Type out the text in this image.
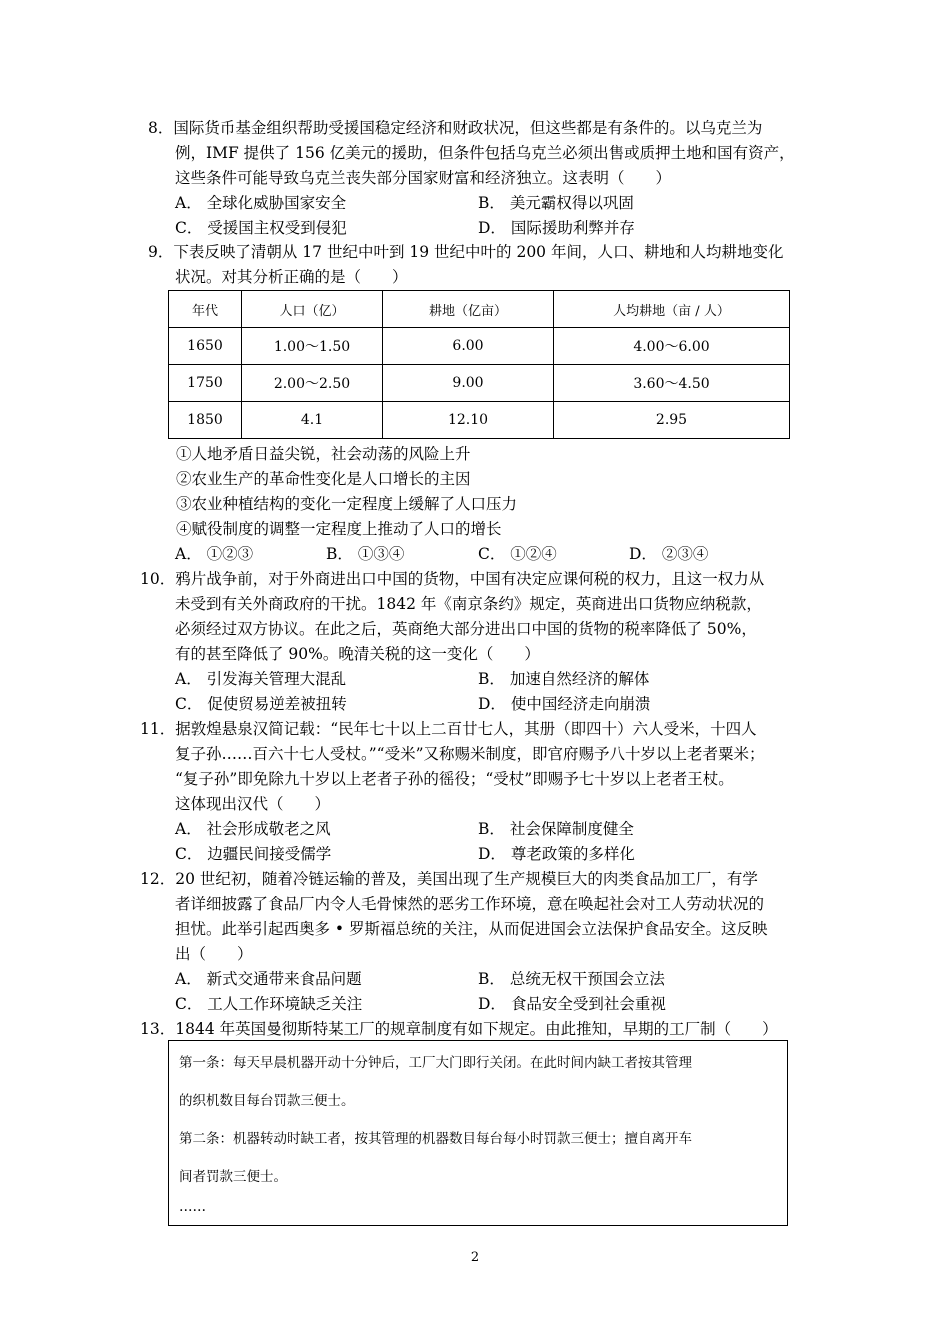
8．国际货币基金组织帮助受援国稳定经济和财政状况，但这些都是有条件的。以乌克兰为
例，IMF 提供了 156 亿美元的援助，但条件包括乌克兰必须出售或质押土地和国有资产，
这些条件可能导致乌克兰丧失部分国家财富和经济独立。这表明（　　）
A． 全球化威胁国家安全	B． 美元霸权得以巩固
C． 受援国主权受到侵犯	D． 国际援助利弊并存
9．下表反映了清朝从 17 世纪中叶到 19 世纪中叶的 200 年间，人口、耕地和人均耕地变化
状况。对其分析正确的是（　　）
年代	人口（亿）	耕地（亿亩）	人均耕地（亩 / 人）
1650	1.00～1.50	6.00	4.00～6.00
1750	2.00～2.50	9.00	3.60～4.50
1850	4.1	12.10	2.95
①人地矛盾日益尖锐，社会动荡的风险上升
②农业生产的革命性变化是人口增长的主因
③农业种植结构的变化一定程度上缓解了人口压力
④赋役制度的调整一定程度上推动了人口的增长
A． ①②③	B． ①③④	C． ①②④	D． ②③④
10．鸦片战争前，对于外商进出口中国的货物，中国有决定应课何税的权力，且这一权力从
未受到有关外商政府的干扰。1842 年《南京条约》规定，英商进出口货物应纳税款，
必须经过双方协议。在此之后，英商绝大部分进出口中国的货物的税率降低了 50%，
有的甚至降低了 90%。晚清关税的这一变化（　　）
A． 引发海关管理大混乱	B． 加速自然经济的解体
C． 促使贸易逆差被扭转	D． 使中国经济走向崩溃
11．据敦煌悬泉汉简记载：“民年七十以上二百廿七人，其册（即四十）六人受米，十四人
复子孙……百六十七人受杖。”“受米”又称赐米制度，即官府赐予八十岁以上老者粟米；
“复子孙”即免除九十岁以上老者子孙的徭役；“受杖”即赐予七十岁以上老者王杖。
这体现出汉代（　　）
A． 社会形成敬老之风	B． 社会保障制度健全
C． 边疆民间接受儒学	D． 尊老政策的多样化
12．20 世纪初，随着冷链运输的普及，美国出现了生产规模巨大的肉类食品加工厂，有学
者详细披露了食品厂内令人毛骨悚然的恶劣工作环境，意在唤起社会对工人劳动状况的
担忧。此举引起西奥多 • 罗斯福总统的关注，从而促进国会立法保护食品安全。这反映
出（　　）
A． 新式交通带来食品问题	B． 总统无权干预国会立法
C． 工人工作环境缺乏关注	D． 食品安全受到社会重视
13．1844 年英国曼彻斯特某工厂的规章制度有如下规定。由此推知，早期的工厂制（　　）
第一条：每天早晨机器开动十分钟后，工厂大门即行关闭。在此时间内缺工者按其管理
的织机数目每台罚款三便士。
第二条：机器转动时缺工者，按其管理的机器数目每台每小时罚款三便士；擅自离开车
间者罚款三便士。
……
2
